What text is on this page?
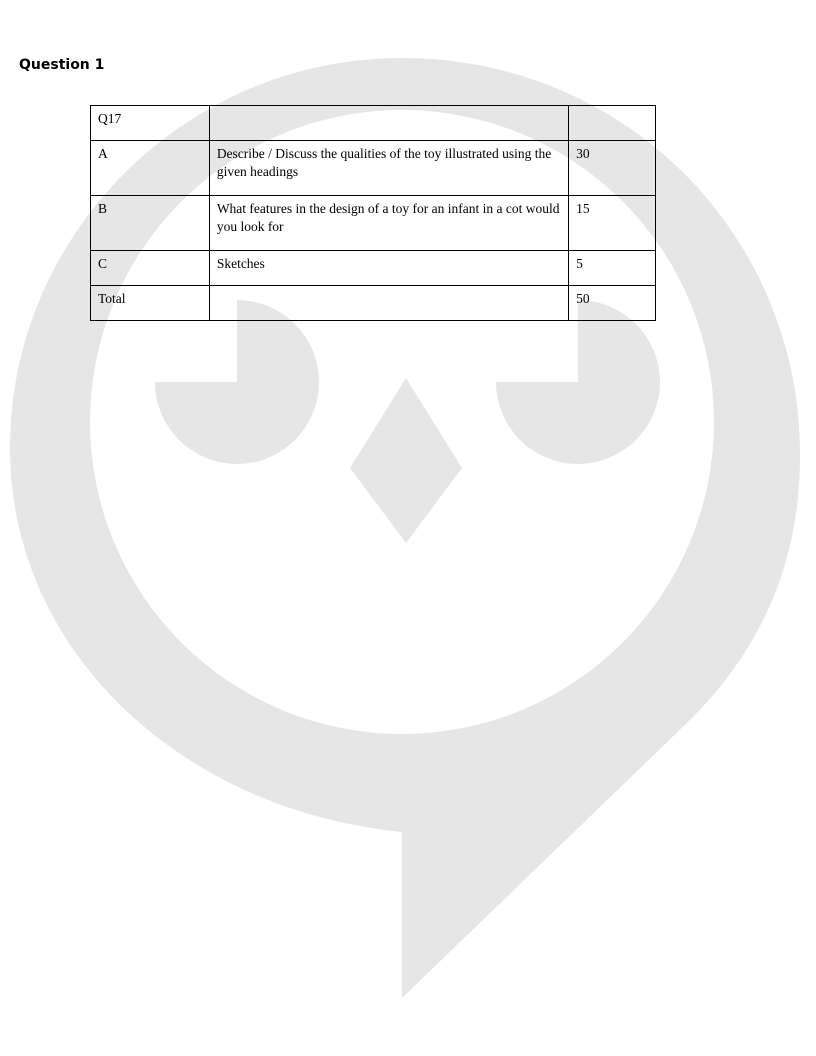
Question 1
Q17		
A	Describe / Discuss the qualities of the toy illustrated using the given headings	30
B	What features in the design of a toy for an infant in a cot would you look for	15
C	Sketches	5
Total		50
